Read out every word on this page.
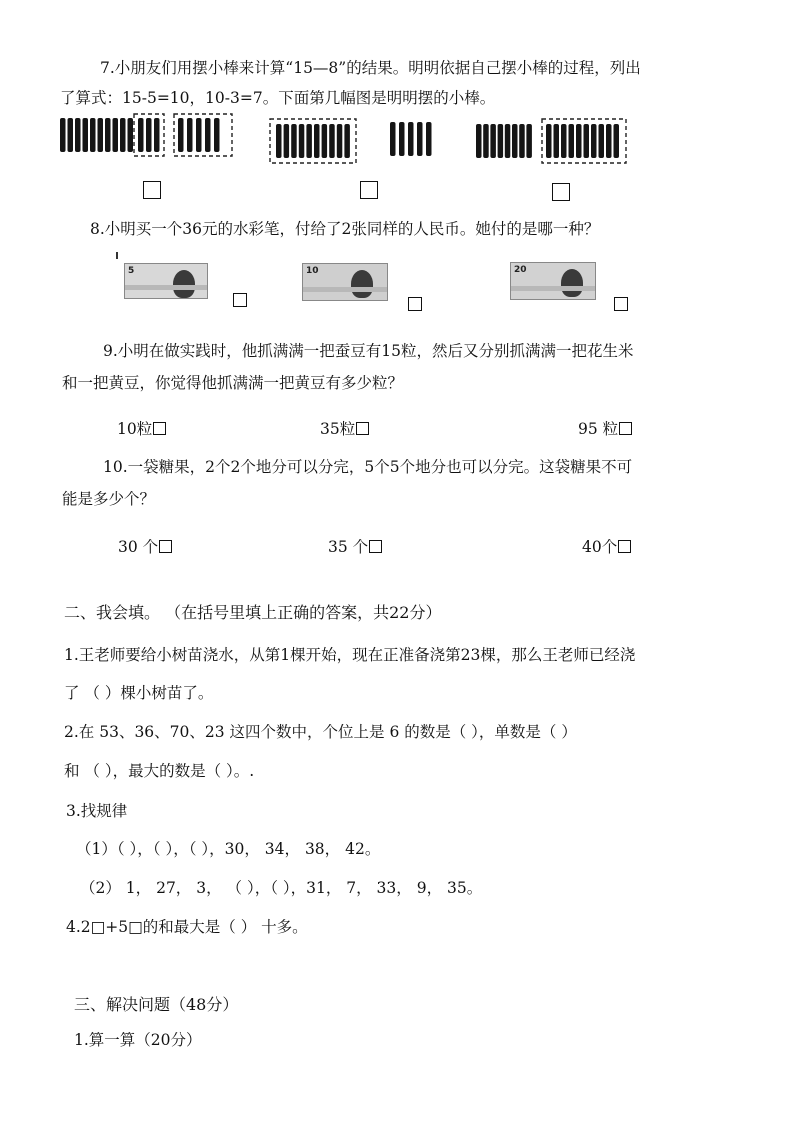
7.小朋友们用摆小棒来计算“15—8”的结果。明明依据自己摆小棒的过程，列出
了算式：15-5=10，10-3=7。下面第几幅图是明明摆的小棒。
8.小明买一个36元的水彩笔，付给了2张同样的人民币。她付的是哪一种？
5	10	20
9.小明在做实践时，他抓满满一把蚕豆有15粒，然后又分别抓满满一把花生米
和一把黄豆，你觉得他抓满满一把黄豆有多少粒？
10粒	35粒	95 粒
10.一袋糖果，2个2个地分可以分完，5个5个地分也可以分完。这袋糖果不可
能是多少个？
30 个	35 个	40个
二、我会填。 （在括号里填上正确的答案，共22分）
1.王老师要给小树苗浇水，从第1棵开始，现在正准备浇第23棵，那么王老师已经浇
了 （ ）棵小树苗了。
2.在 53、36、70、23 这四个数中，个位上是 6 的数是（ ），单数是（ ）
和 （ ），最大的数是（ ）。.
3.找规律
（1）（ ），（ ），（ ），30， 34， 38， 42。
（2） 1， 27， 3， （ ），（ ），31， 7， 33， 9， 35。
4.2□+5□的和最大是（ ） 十多。
三、解决问题（48分）
1.算一算（20分）
